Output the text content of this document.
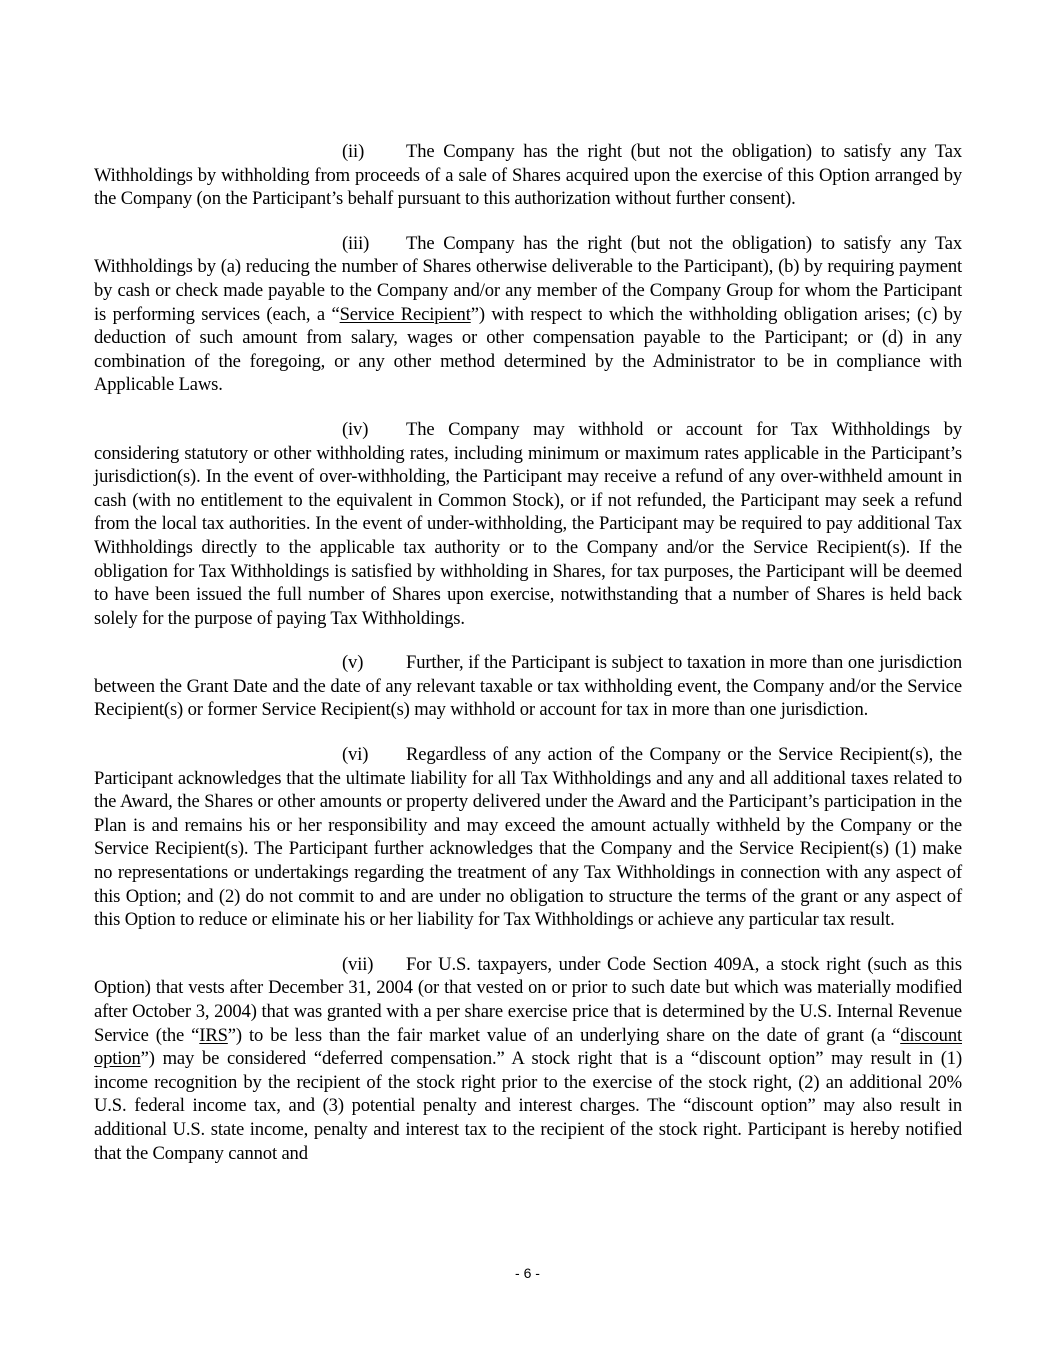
(ii) The Company has the right (but not the obligation) to satisfy any Tax Withholdings by withholding from proceeds of a sale of Shares acquired upon the exercise of this Option arranged by the Company (on the Participant’s behalf pursuant to this authorization without further consent).

(iii) The Company has the right (but not the obligation) to satisfy any Tax Withholdings by (a) reducing the number of Shares otherwise deliverable to the Participant), (b) by requiring payment by cash or check made payable to the Company and/or any member of the Company Group for whom the Participant is performing services (each, a “Service Recipient”) with respect to which the withholding obligation arises; (c) by deduction of such amount from salary, wages or other compensation payable to the Participant; or (d) in any combination of the foregoing, or any other method determined by the Administrator to be in compliance with Applicable Laws.

(iv) The Company may withhold or account for Tax Withholdings by considering statutory or other withholding rates, including minimum or maximum rates applicable in the Participant’s jurisdiction(s). In the event of over-withholding, the Participant may receive a refund of any over-withheld amount in cash (with no entitlement to the equivalent in Common Stock), or if not refunded, the Participant may seek a refund from the local tax authorities. In the event of under-withholding, the Participant may be required to pay additional Tax Withholdings directly to the applicable tax authority or to the Company and/or the Service Recipient(s). If the obligation for Tax Withholdings is satisfied by withholding in Shares, for tax purposes, the Participant will be deemed to have been issued the full number of Shares upon exercise, notwithstanding that a number of Shares is held back solely for the purpose of paying Tax Withholdings.

(v) Further, if the Participant is subject to taxation in more than one jurisdiction between the Grant Date and the date of any relevant taxable or tax withholding event, the Company and/or the Service Recipient(s) or former Service Recipient(s) may withhold or account for tax in more than one jurisdiction.

(vi) Regardless of any action of the Company or the Service Recipient(s), the Participant acknowledges that the ultimate liability for all Tax Withholdings and any and all additional taxes related to the Award, the Shares or other amounts or property delivered under the Award and the Participant’s participation in the Plan is and remains his or her responsibility and may exceed the amount actually withheld by the Company or the Service Recipient(s). The Participant further acknowledges that the Company and the Service Recipient(s) (1) make no representations or undertakings regarding the treatment of any Tax Withholdings in connection with any aspect of this Option; and (2) do not commit to and are under no obligation to structure the terms of the grant or any aspect of this Option to reduce or eliminate his or her liability for Tax Withholdings or achieve any particular tax result.

(vii) For U.S. taxpayers, under Code Section 409A, a stock right (such as this Option) that vests after December 31, 2004 (or that vested on or prior to such date but which was materially modified after October 3, 2004) that was granted with a per share exercise price that is determined by the U.S. Internal Revenue Service (the “IRS”) to be less than the fair market value of an underlying share on the date of grant (a “discount option”) may be considered “deferred compensation.” A stock right that is a “discount option” may result in (1) income recognition by the recipient of the stock right prior to the exercise of the stock right, (2) an additional 20% U.S. federal income tax, and (3) potential penalty and interest charges. The “discount option” may also result in additional U.S. state income, penalty and interest tax to the recipient of the stock right. Participant is hereby notified that the Company cannot and

- 6 -
